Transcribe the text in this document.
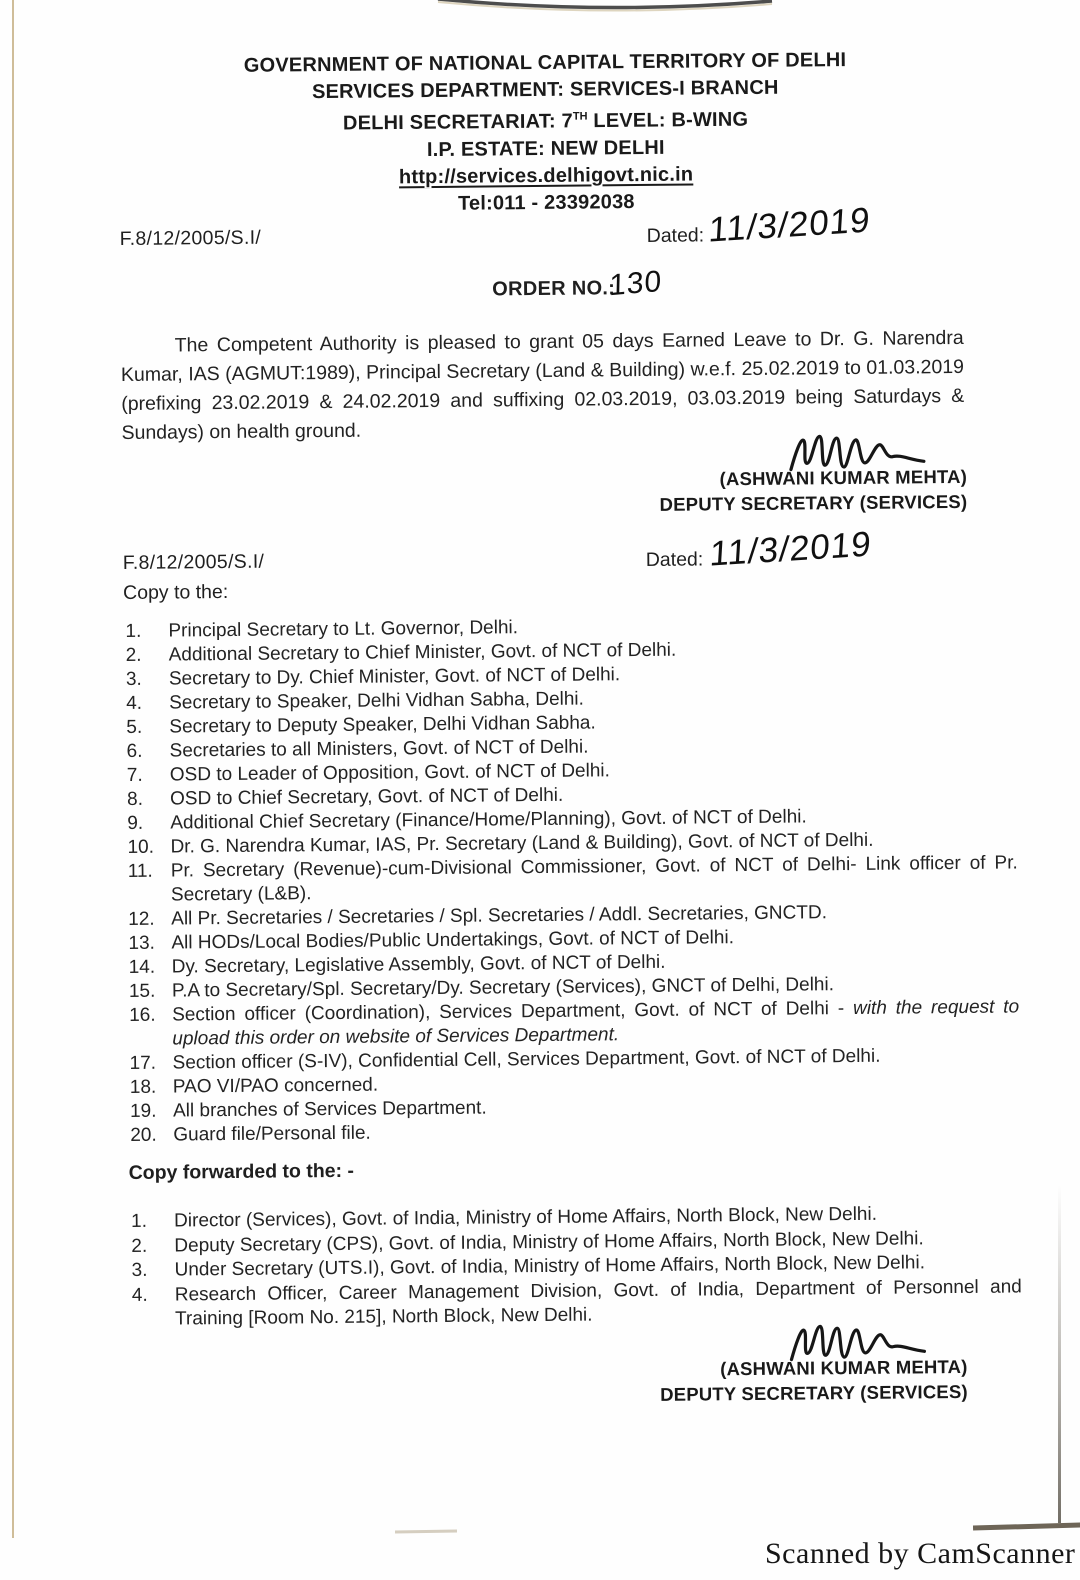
GOVERNMENT OF NATIONAL CAPITAL TERRITORY OF DELHI
SERVICES DEPARTMENT: SERVICES-I BRANCH
DELHI SECRETARIAT: 7TH LEVEL: B-WING
I.P. ESTATE: NEW DELHI
http://services.delhigovt.nic.in
Tel:011 - 23392038
F.8/12/2005/S.I/	Dated: 11/3/2019
ORDER NO.:
130
The Competent Authority is pleased to grant 05 days Earned Leave to Dr. G. Narendra Kumar, IAS (AGMUT:1989), Principal Secretary (Land & Building) w.e.f. 25.02.2019 to 01.03.2019 (prefixing 23.02.2019 & 24.02.2019 and suffixing 02.03.2019, 03.03.2019 being Saturdays & Sundays) on health ground.
(ASHWANI KUMAR MEHTA)
DEPUTY SECRETARY (SERVICES)
F.8/12/2005/S.I/	Dated: 11/3/2019
Copy to the:
1.	Principal Secretary to Lt. Governor, Delhi.
2.	Additional Secretary to Chief Minister, Govt. of NCT of Delhi.
3.	Secretary to Dy. Chief Minister, Govt. of NCT of Delhi.
4.	Secretary to Speaker, Delhi Vidhan Sabha, Delhi.
5.	Secretary to Deputy Speaker, Delhi Vidhan Sabha.
6.	Secretaries to all Ministers, Govt. of NCT of Delhi.
7.	OSD to Leader of Opposition, Govt. of NCT of Delhi.
8.	OSD to Chief Secretary, Govt. of NCT of Delhi.
9.	Additional Chief Secretary (Finance/Home/Planning), Govt. of NCT of Delhi.
10. Dr. G. Narendra Kumar, IAS, Pr. Secretary (Land & Building), Govt. of NCT of Delhi.
11. Pr. Secretary (Revenue)-cum-Divisional Commissioner, Govt. of NCT of Delhi- Link officer of Pr. Secretary (L&B).
12. All Pr. Secretaries / Secretaries / Spl. Secretaries / Addl. Secretaries, GNCTD.
13. All HODs/Local Bodies/Public Undertakings, Govt. of NCT of Delhi.
14. Dy. Secretary, Legislative Assembly, Govt. of NCT of Delhi.
15. P.A to Secretary/Spl. Secretary/Dy. Secretary (Services), GNCT of Delhi, Delhi.
16. Section officer (Coordination), Services Department, Govt. of NCT of Delhi - with the request to upload this order on website of Services Department.
17. Section officer (S-IV), Confidential Cell, Services Department, Govt. of NCT of Delhi.
18. PAO VI/PAO concerned.
19. All branches of Services Department.
20. Guard file/Personal file.
Copy forwarded to the: -
1.	Director (Services), Govt. of India, Ministry of Home Affairs, North Block, New Delhi.
2.	Deputy Secretary (CPS), Govt. of India, Ministry of Home Affairs, North Block, New Delhi.
3.	Under Secretary (UTS.I), Govt. of India, Ministry of Home Affairs, North Block, New Delhi.
4.	Research Officer, Career Management Division, Govt. of India, Department of Personnel and Training [Room No. 215], North Block, New Delhi.
(ASHWANI KUMAR MEHTA)
DEPUTY SECRETARY (SERVICES)
Scanned by CamScanner
